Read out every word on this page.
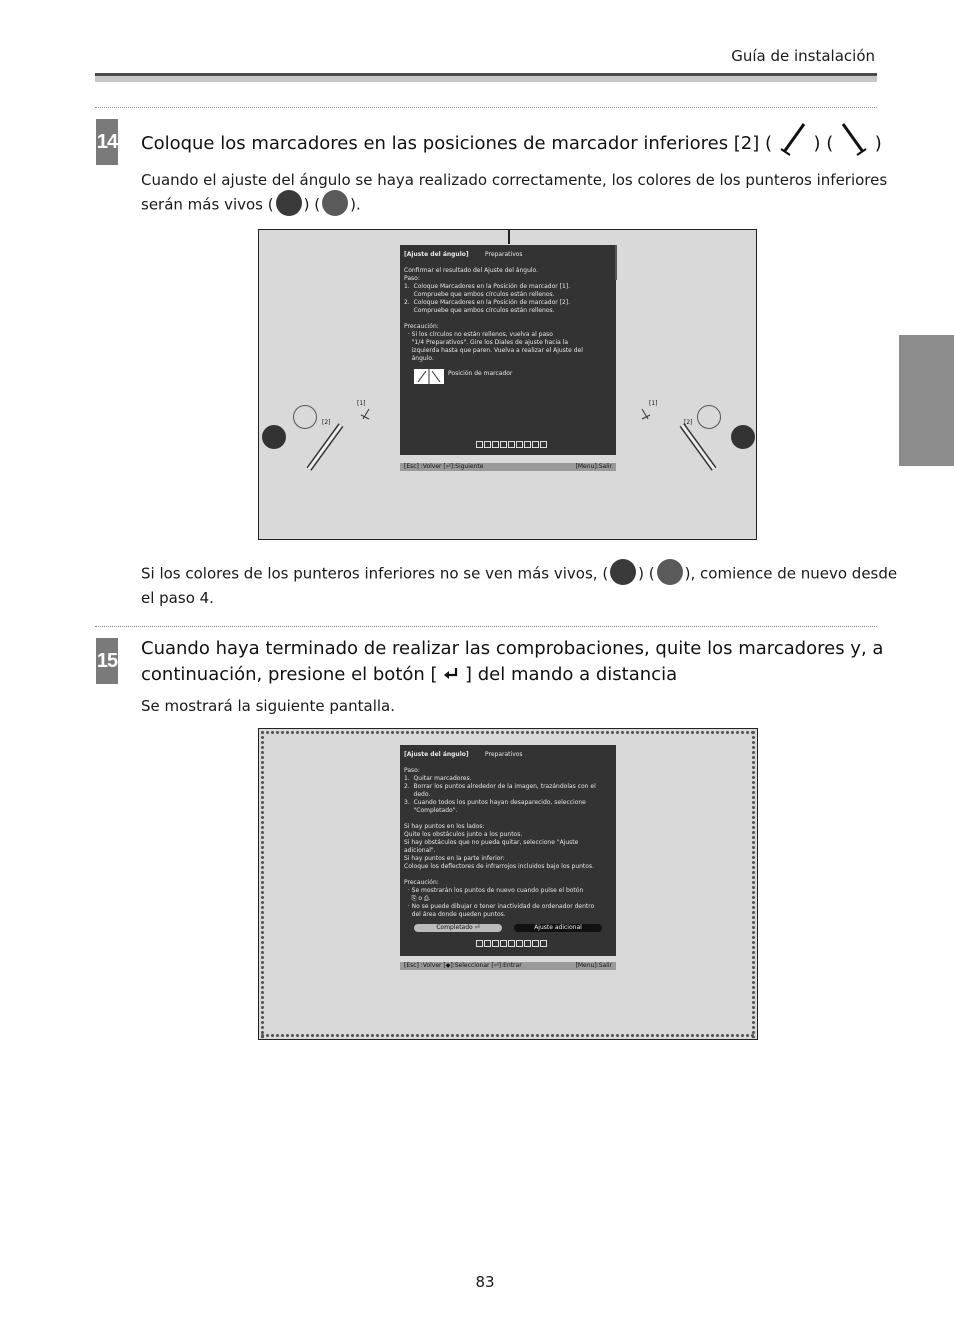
Guía de instalación
14 Coloque los marcadores en las posiciones de marcador inferiores [2] ( ) ( )
Cuando el ajuste del ángulo se haya realizado correctamente, los colores de los punteros inferiores
serán más vivos ( ) ( ).
[Ajuste del ángulo]	Preparativos
Confirmar el resultado del Ajuste del ángulo.
Paso:
1.  Coloque Marcadores en la Posición de marcador [1].
Compruebe que ambos círculos están rellenos.
2.  Coloque Marcadores en la Posición de marcador [2].
Compruebe que ambos círculos están rellenos.
Precaución:
· Si los círculos no están rellenos, vuelva al paso
"1/4 Preparativos". Gire los Diales de ajuste hacia la
izquierda hasta que paren. Vuelva a realizar el Ajuste del
ángulo.
Posición de marcador
[Esc] :Volver [⏎]:Siguiente	[Menu]:Salir
[1]
[2]
[1]
[2]
Si los colores de los punteros inferiores no se ven más vivos, ( ) ( ), comience de nuevo desde
el paso 4.
15
Cuando haya terminado de realizar las comprobaciones, quite los marcadores y, a
continuación, presione el botón [ ] del mando a distancia
Se mostrará la siguiente pantalla.
[Ajuste del ángulo]	Preparativos
Paso:
1.  Quitar marcadores.
2.  Borrar los puntos alrededor de la imagen, trazándolas con el
dedo.
3.  Cuando todos los puntos hayan desaparecido, seleccione
"Completado".
Si hay puntos en los lados:
Quite los obstáculos junto a los puntos.
Si hay obstáculos que no pueda quitar, seleccione "Ajuste
adicional".
Si hay puntos en la parte inferior:
Coloque los deflectores de infrarrojos incluidos bajo los puntos.
Precaución:
· Se mostrarán los puntos de nuevo cuando pulse el botón
⎘ o ⎙.
· No se puede dibujar o tener inactividad de ordenador dentro
del área donde queden puntos.
Completado ⏎	Ajuste adicional
[Esc] :Volver [◆]:Seleccionar [⏎]:Entrar	[Menu]:Salir
83
